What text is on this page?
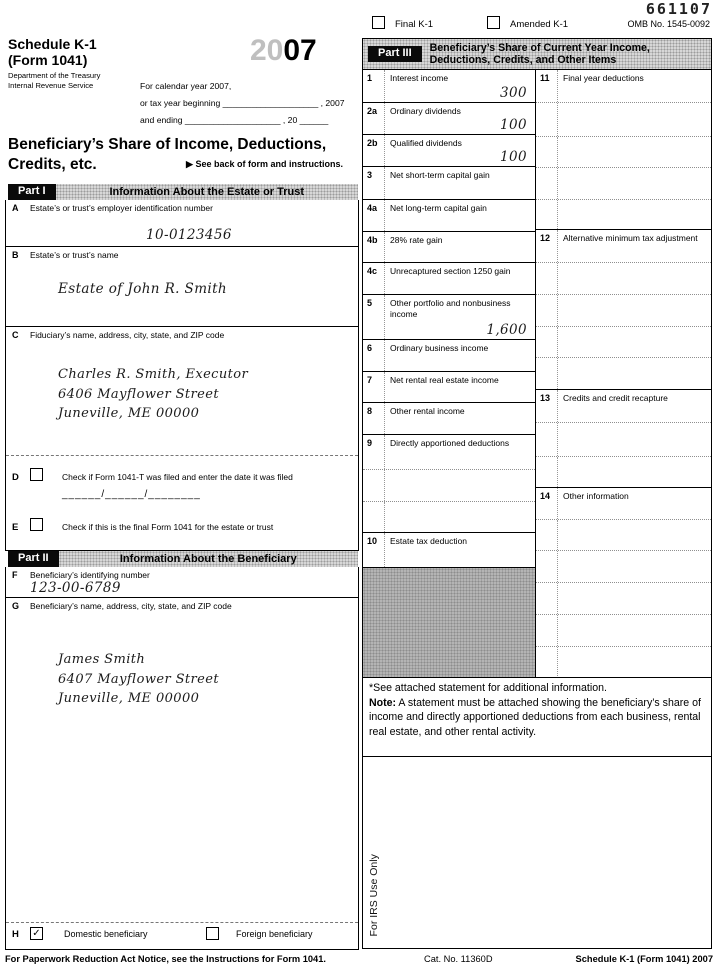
661107
Schedule K-1
(Form 1041)
Department of the Treasury
Internal Revenue Service
2007
For calendar year 2007,
or tax year beginning ____________________ , 2007
and ending ____________________ , 20 ______
Beneficiary’s Share of Income, Deductions,
Credits, etc.	▶ See back of form and instructions.
Part I	Information About the Estate or Trust
A Estate’s or trust’s employer identification number
10-0123456
B Estate’s or trust’s name
Estate of John R. Smith
C Fiduciary’s name, address, city, state, and ZIP code
Charles R. Smith, Executor
6406 Mayflower Street
Juneville, ME 00000
D	Check if Form 1041-T was filed and enter the date it was filed
______/______/________
E	Check if this is the final Form 1041 for the estate or trust
Part II	Information About the Beneficiary
F Beneficiary’s identifying number
123-00-6789
G Beneficiary’s name, address, city, state, and ZIP code
James Smith
6407 Mayflower Street
Juneville, ME 00000
H ✓	Domestic beneficiary	Foreign beneficiary
Final K-1	Amended K-1	OMB No. 1545-0092
Part III	Beneficiary’s Share of Current Year Income,
Deductions, Credits, and Other Items
1	Interest income
300
2a	Ordinary dividends
100
2b	Qualified dividends
100
3	Net short-term capital gain
4a	Net long-term capital gain
4b	28% rate gain
4c	Unrecaptured section 1250 gain
5	Other portfolio and nonbusiness income
1,600
6	Ordinary business income
7	Net rental real estate income
8	Other rental income
9	Directly apportioned deductions
10	Estate tax deduction
11	Final year deductions
12	Alternative minimum tax adjustment
13	Credits and credit recapture
14	Other information
*See attached statement for additional information.
Note: A statement must be attached showing the beneficiary’s share of income and directly apportioned deductions from each business, rental real estate, and other rental activity.
For IRS Use Only
For Paperwork Reduction Act Notice, see the Instructions for Form 1041.	Cat. No. 11360D	Schedule K-1 (Form 1041) 2007
